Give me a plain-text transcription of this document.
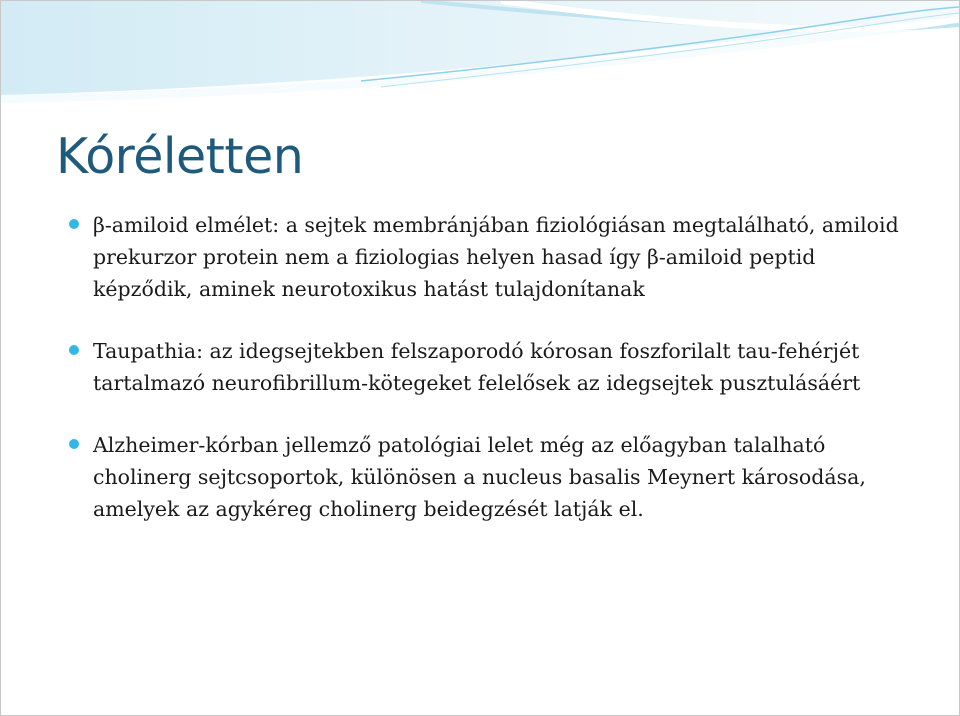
Kóréletten
β-amiloid elmélet: a sejtek membránjában fiziológiásan megtalálható, amiloid prekurzor protein nem a fiziologias helyen hasad így β-amiloid peptid képződik, aminek neurotoxikus hatást tulajdonítanak
Taupathia: az idegsejtekben felszaporodó kórosan foszforilalt tau-fehérjét tartalmazó neurofibrillum-kötegeket felelősek az idegsejtek pusztulásáért
Alzheimer-kórban jellemző patológiai lelet még az előagyban talalható cholinerg sejtcsoportok, különösen a nucleus basalis Meynert károsodása, amelyek az agykéreg cholinerg beidegzését latják el.
